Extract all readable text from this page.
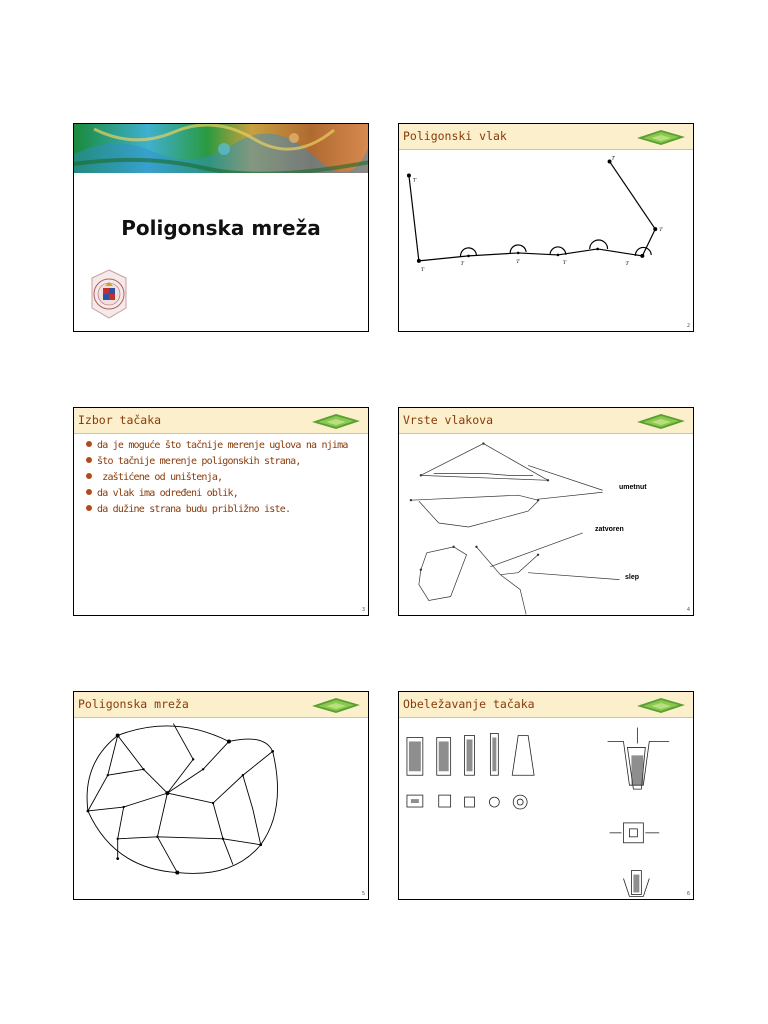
Poligonska mreža
Poligonski vlak
T
T
T
T
T	T	T	T
2
Izbor tačaka
da je moguće što tačnije merenje uglova na njima
što tačnije merenje poligonskih strana,
zaštićene od uništenja,
da vlak ima određeni oblik,
da dužine strana budu približno iste.
3
Vrste vlakova
umetnut
zatvoren
slep
4
Poligonska mreža
5
Obeležavanje tačaka
6
